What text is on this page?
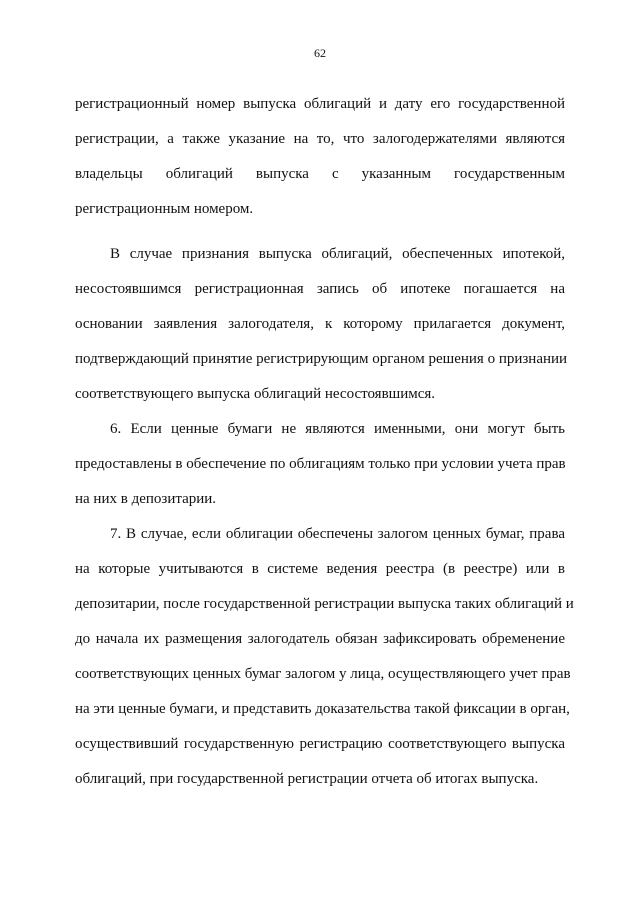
62
регистрационный номер выпуска облигаций и дату его государственной
регистрации, а также указание на то, что залогодержателями являются
владельцы облигаций выпуска с указанным государственным
регистрационным номером.
В случае признания выпуска облигаций, обеспеченных ипотекой,
несостоявшимся регистрационная запись об ипотеке погашается на
основании заявления залогодателя, к которому прилагается документ,
подтверждающий принятие регистрирующим органом решения о признании
соответствующего выпуска облигаций несостоявшимся.
6. Если ценные бумаги не являются именными, они могут быть
предоставлены в обеспечение по облигациям только при условии учета прав
на них в депозитарии.
7. В случае, если облигации обеспечены залогом ценных бумаг, права
на которые учитываются в системе ведения реестра (в реестре) или в
депозитарии, после государственной регистрации выпуска таких облигаций и
до начала их размещения залогодатель обязан зафиксировать обременение
соответствующих ценных бумаг залогом у лица, осуществляющего учет прав
на эти ценные бумаги, и представить доказательства такой фиксации в орган,
осуществивший государственную регистрацию соответствующего выпуска
облигаций, при государственной регистрации отчета об итогах выпуска.
